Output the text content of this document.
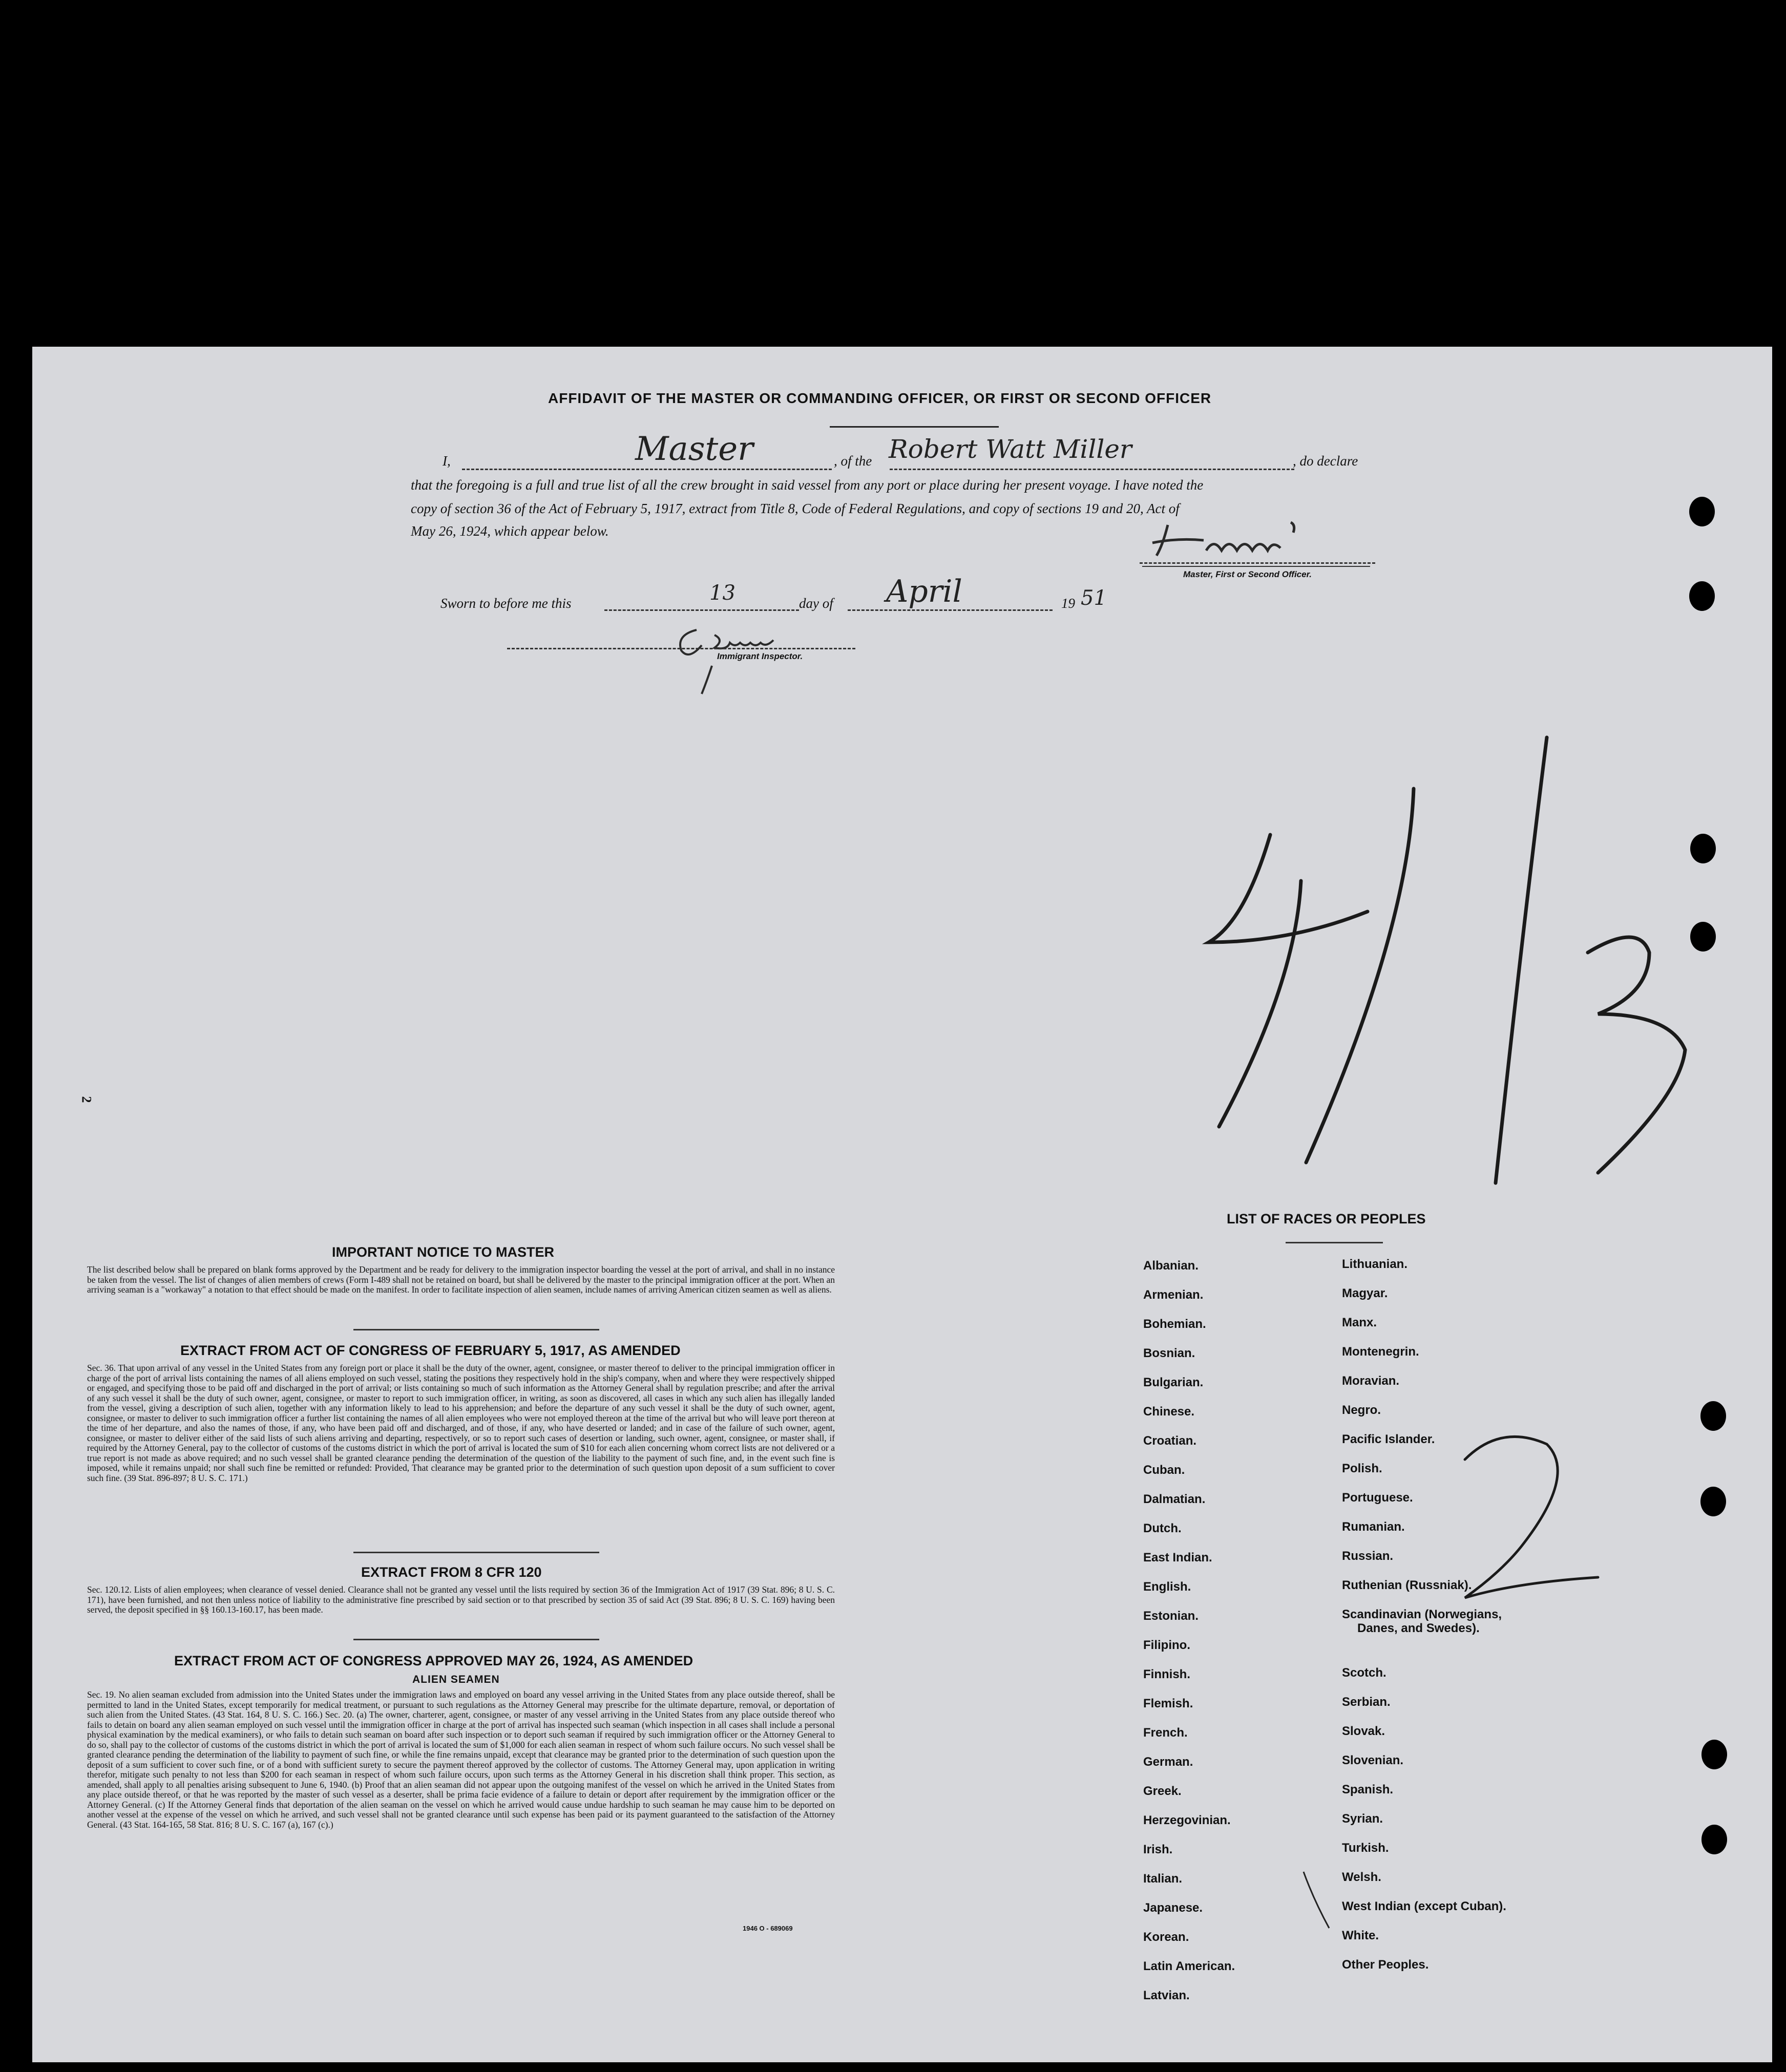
AFFIDAVIT OF THE MASTER OR COMMANDING OFFICER, OR FIRST OR SECOND OFFICER
I,	Master	, of the Robert Watt Miller	, do declare
that the foregoing is a full and true list of all the crew brought in said vessel from any port or place during her present voyage. I have noted the
copy of section 36 of the Act of February 5, 1917, extract from Title 8, Code of Federal Regulations, and copy of sections 19 and 20, Act of
May 26, 1924, which appear below.
Master, First or Second Officer.
Sworn to before me this	13	day of April	19 51
Immigrant Inspector.
2
IMPORTANT NOTICE TO MASTER
The list described below shall be prepared on blank forms approved by the Department and be ready for delivery to the immigration inspector boarding the vessel at the port of arrival, and shall in no instance be taken from the vessel. The list of changes of alien members of crews (Form I-489 shall not be retained on board, but shall be delivered by the master to the principal immigration officer at the port. When an arriving seaman is a "workaway" a notation to that effect should be made on the manifest. In order to facilitate inspection of alien seamen, include names of arriving American citizen seamen as well as aliens.
EXTRACT FROM ACT OF CONGRESS OF FEBRUARY 5, 1917, AS AMENDED
Sec. 36. That upon arrival of any vessel in the United States from any foreign port or place it shall be the duty of the owner, agent, consignee, or master thereof to deliver to the principal immigration officer in charge of the port of arrival lists containing the names of all aliens employed on such vessel, stating the positions they respectively hold in the ship's company, when and where they were respectively shipped or engaged, and specifying those to be paid off and discharged in the port of arrival; or lists containing so much of such information as the Attorney General shall by regulation prescribe; and after the arrival of any such vessel it shall be the duty of such owner, agent, consignee, or master to report to such immigration officer, in writing, as soon as discovered, all cases in which any such alien has illegally landed from the vessel, giving a description of such alien, together with any information likely to lead to his apprehension; and before the departure of any such vessel it shall be the duty of such owner, agent, consignee, or master to deliver to such immigration officer a further list containing the names of all alien employees who were not employed thereon at the time of the arrival but who will leave port thereon at the time of her departure, and also the names of those, if any, who have been paid off and discharged, and of those, if any, who have deserted or landed; and in case of the failure of such owner, agent, consignee, or master to deliver either of the said lists of such aliens arriving and departing, respectively, or so to report such cases of desertion or landing, such owner, agent, consignee, or master shall, if required by the Attorney General, pay to the collector of customs of the customs district in which the port of arrival is located the sum of $10 for each alien concerning whom correct lists are not delivered or a true report is not made as above required; and no such vessel shall be granted clearance pending the determination of the question of the liability to the payment of such fine, and, in the event such fine is imposed, while it remains unpaid; nor shall such fine be remitted or refunded: Provided, That clearance may be granted prior to the determination of such question upon deposit of a sum sufficient to cover such fine. (39 Stat. 896-897; 8 U. S. C. 171.)
EXTRACT FROM 8 CFR 120
Sec. 120.12. Lists of alien employees; when clearance of vessel denied. Clearance shall not be granted any vessel until the lists required by section 36 of the Immigration Act of 1917 (39 Stat. 896; 8 U. S. C. 171), have been furnished, and not then unless notice of liability to the administrative fine prescribed by said section or to that prescribed by section 35 of said Act (39 Stat. 896; 8 U. S. C. 169) having been served, the deposit specified in §§ 160.13-160.17, has been made.
EXTRACT FROM ACT OF CONGRESS APPROVED MAY 26, 1924, AS AMENDED
ALIEN SEAMEN
Sec. 19. No alien seaman excluded from admission into the United States under the immigration laws and employed on board any vessel arriving in the United States from any place outside thereof, shall be permitted to land in the United States, except temporarily for medical treatment, or pursuant to such regulations as the Attorney General may prescribe for the ultimate departure, removal, or deportation of such alien from the United States. (43 Stat. 164, 8 U. S. C. 166.) Sec. 20. (a) The owner, charterer, agent, consignee, or master of any vessel arriving in the United States from any place outside thereof who fails to detain on board any alien seaman employed on such vessel until the immigration officer in charge at the port of arrival has inspected such seaman (which inspection in all cases shall include a personal physical examination by the medical examiners), or who fails to detain such seaman on board after such inspection or to deport such seaman if required by such immigration officer or the Attorney General to do so, shall pay to the collector of customs of the customs district in which the port of arrival is located the sum of $1,000 for each alien seaman in respect of whom such failure occurs. No such vessel shall be granted clearance pending the determination of the liability to payment of such fine, or while the fine remains unpaid, except that clearance may be granted prior to the determination of such question upon the deposit of a sum sufficient to cover such fine, or of a bond with sufficient surety to secure the payment thereof approved by the collector of customs. The Attorney General may, upon application in writing therefor, mitigate such penalty to not less than $200 for each seaman in respect of whom such failure occurs, upon such terms as the Attorney General in his discretion shall think proper. This section, as amended, shall apply to all penalties arising subsequent to June 6, 1940. (b) Proof that an alien seaman did not appear upon the outgoing manifest of the vessel on which he arrived in the United States from any place outside thereof, or that he was reported by the master of such vessel as a deserter, shall be prima facie evidence of a failure to detain or deport after requirement by the immigration officer or the Attorney General. (c) If the Attorney General finds that deportation of the alien seaman on the vessel on which he arrived would cause undue hardship to such seaman he may cause him to be deported on another vessel at the expense of the vessel on which he arrived, and such vessel shall not be granted clearance until such expense has been paid or its payment guaranteed to the satisfaction of the Attorney General. (43 Stat. 164-165, 58 Stat. 816; 8 U. S. C. 167 (a), 167 (c).)
1946 O - 689069
LIST OF RACES OR PEOPLES
Albanian.
Armenian.
Bohemian.
Bosnian.
Bulgarian.
Chinese.
Croatian.
Cuban.
Dalmatian.
Dutch.
East Indian.
English.
Estonian.
Filipino.
Finnish.
Flemish.
French.
German.
Greek.
Herzegovinian.
Irish.
Italian.
Japanese.
Korean.
Latin American.
Latvian.
Lithuanian.
Magyar.
Manx.
Montenegrin.
Moravian.
Negro.
Pacific Islander.
Polish.
Portuguese.
Rumanian.
Russian.
Ruthenian (Russniak).
Scandinavian (Norwegians,
Danes, and Swedes).
Scotch.
Serbian.
Slovak.
Slovenian.
Spanish.
Syrian.
Turkish.
Welsh.
West Indian (except Cuban).
White.
Other Peoples.
